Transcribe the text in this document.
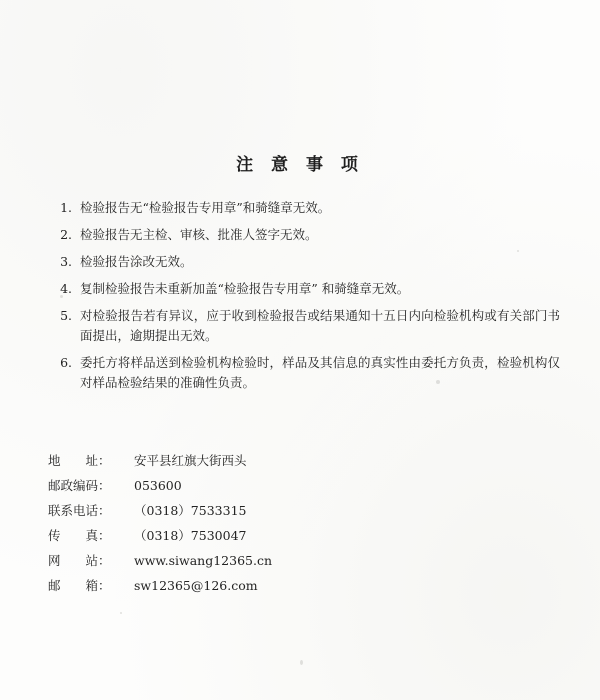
注 意 事 项
1. 检验报告无“检验报告专用章”和骑缝章无效。
2. 检验报告无主检、审核、批准人签字无效。
3. 检验报告涂改无效。
4. 复制检验报告未重新加盖“检验报告专用章” 和骑缝章无效。
5. 对检验报告若有异议，应于收到检验报告或结果通知十五日内向检验机构或有关部门书面提出，逾期提出无效。
6. 委托方将样品送到检验机构检验时，样品及其信息的真实性由委托方负责，检验机构仅对样品检验结果的准确性负责。
地　　址：	安平县红旗大街西头
邮政编码：	053600
联系电话：	（0318）7533315
传　　真：	（0318）7530047
网　　站：	www.siwang12365.cn
邮　　箱：	sw12365@126.com
